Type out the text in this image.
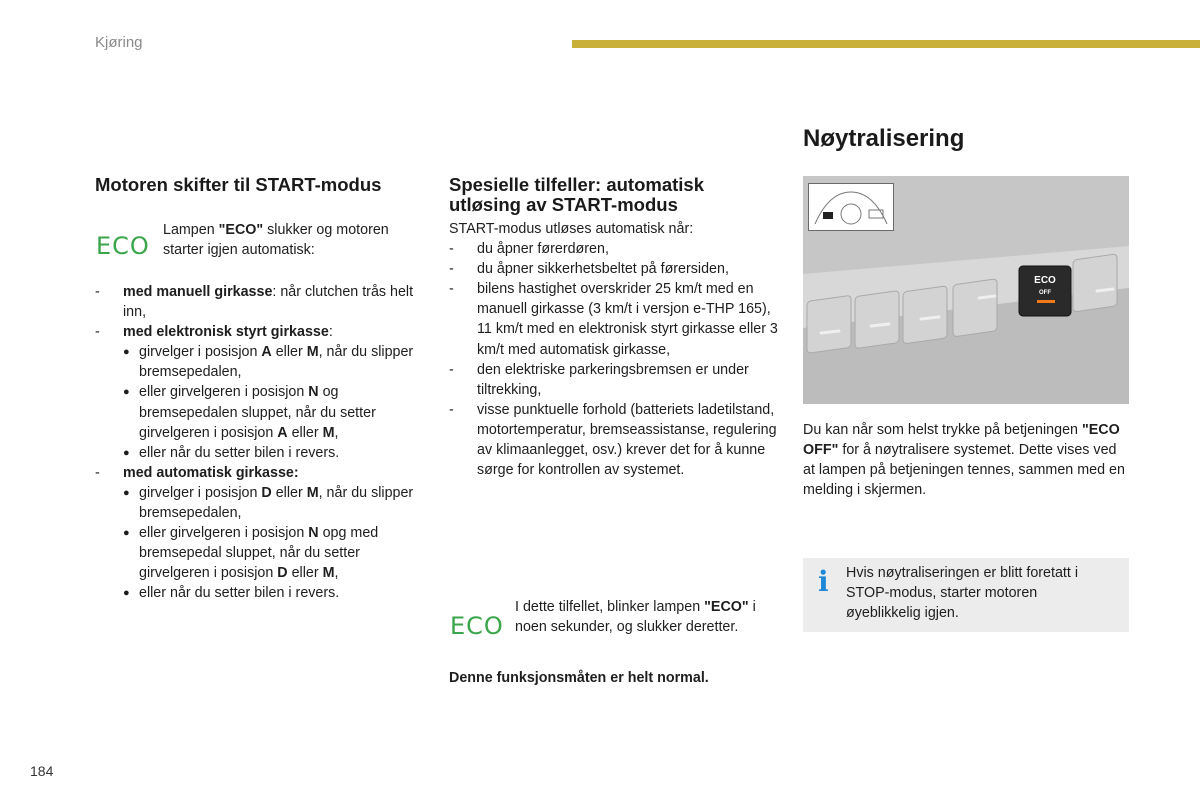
Kjøring
Motoren skifter til START-modus
ECO

Lampen "ECO" slukker og motoren starter igjen automatisk:

- med manuell girkasse: når clutchen trås helt inn,
- med elektronisk styrt girkasse:
● girvelger i posisjon A eller M, når du slipper bremsepedalen,
● eller girvelgeren i posisjon N og bremsepedalen sluppet, når du setter girvelgeren i posisjon A eller M,
● eller når du setter bilen i revers.
- med automatisk girkasse:
● girvelger i posisjon D eller M, når du slipper bremsepedalen,
● eller girvelgeren i posisjon N opg med bremsepedal sluppet, når du setter girvelgeren i posisjon D eller M,
● eller når du setter bilen i revers.
Spesielle tilfeller: automatisk
utløsing av START-modus

START-modus utløses automatisk når:

- du åpner førerdøren,
- du åpner sikkerhetsbeltet på førersiden,
- bilens hastighet overskrider 25 km/t med en manuell girkasse (3 km/t i versjon e-THP 165), 11 km/t med en elektronisk styrt girkasse eller 3 km/t med automatisk girkasse,
- den elektriske parkeringsbremsen er under tiltrekking,
- visse punktuelle forhold (batteriets ladetilstand, motortemperatur, bremseassistanse, regulering av klimaanlegget, osv.) krever det for å kunne sørge for kontrollen av systemet.
ECO

I dette tilfellet, blinker lampen "ECO" i noen sekunder, og slukker deretter.

Denne funksjonsmåten er helt normal.
Nøytralisering
ECO
OFF

Du kan når som helst trykke på betjeningen "ECO OFF" for å nøytralisere systemet. Dette vises ved at lampen på betjeningen tennes, sammen med en melding i skjermen.

i Hvis nøytraliseringen er blitt foretatt i STOP-modus, starter motoren øyeblikkelig igjen.
184
